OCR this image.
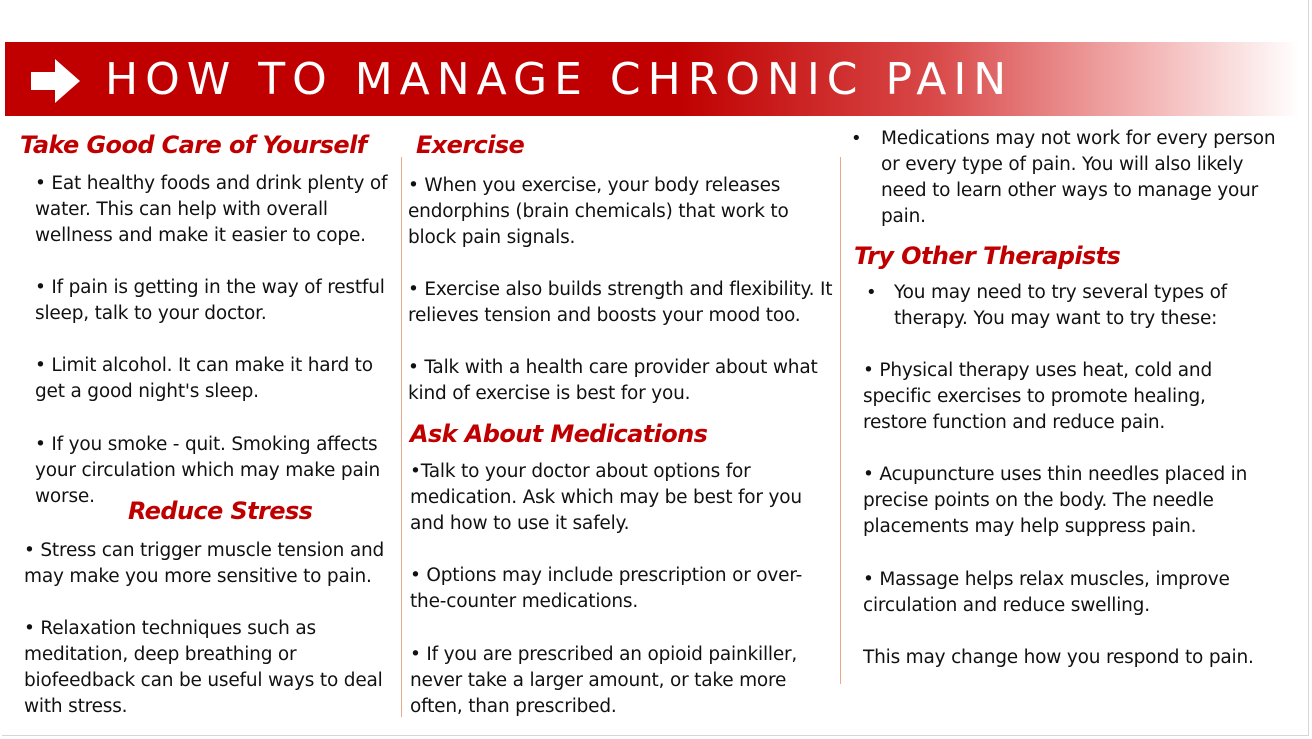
HOW TO MANAGE CHRONIC PAIN
Take Good Care of Yourself
• Eat healthy foods and drink plenty of water. This can help with overall wellness and make it easier to cope.
• If pain is getting in the way of restful sleep, talk to your doctor.
• Limit alcohol. It can make it hard to get a good night's sleep.
• If you smoke - quit. Smoking affects your circulation which may make pain worse.
Reduce Stress
• Stress can trigger muscle tension and may make you more sensitive to pain.
• Relaxation techniques such as meditation, deep breathing or biofeedback can be useful ways to deal with stress.
Exercise
• When you exercise, your body releases endorphins (brain chemicals) that work to block pain signals.
• Exercise also builds strength and flexibility. It relieves tension and boosts your mood too.
• Talk with a health care provider about what kind of exercise is best for you.
Ask About Medications
•Talk to your doctor about options for medication. Ask which may be best for you and how to use it safely.
• Options may include prescription or over-the-counter medications.
• If you are prescribed an opioid painkiller, never take a larger amount, or take more often, than prescribed.
• Medications may not work for every person or every type of pain. You will also likely need to learn other ways to manage your pain.
Try Other Therapists
• You may need to try several types of therapy. You may want to try these:
• Physical therapy uses heat, cold and specific exercises to promote healing, restore function and reduce pain.
• Acupuncture uses thin needles placed in precise points on the body. The needle placements may help suppress pain.
• Massage helps relax muscles, improve circulation and reduce swelling.
This may change how you respond to pain.
